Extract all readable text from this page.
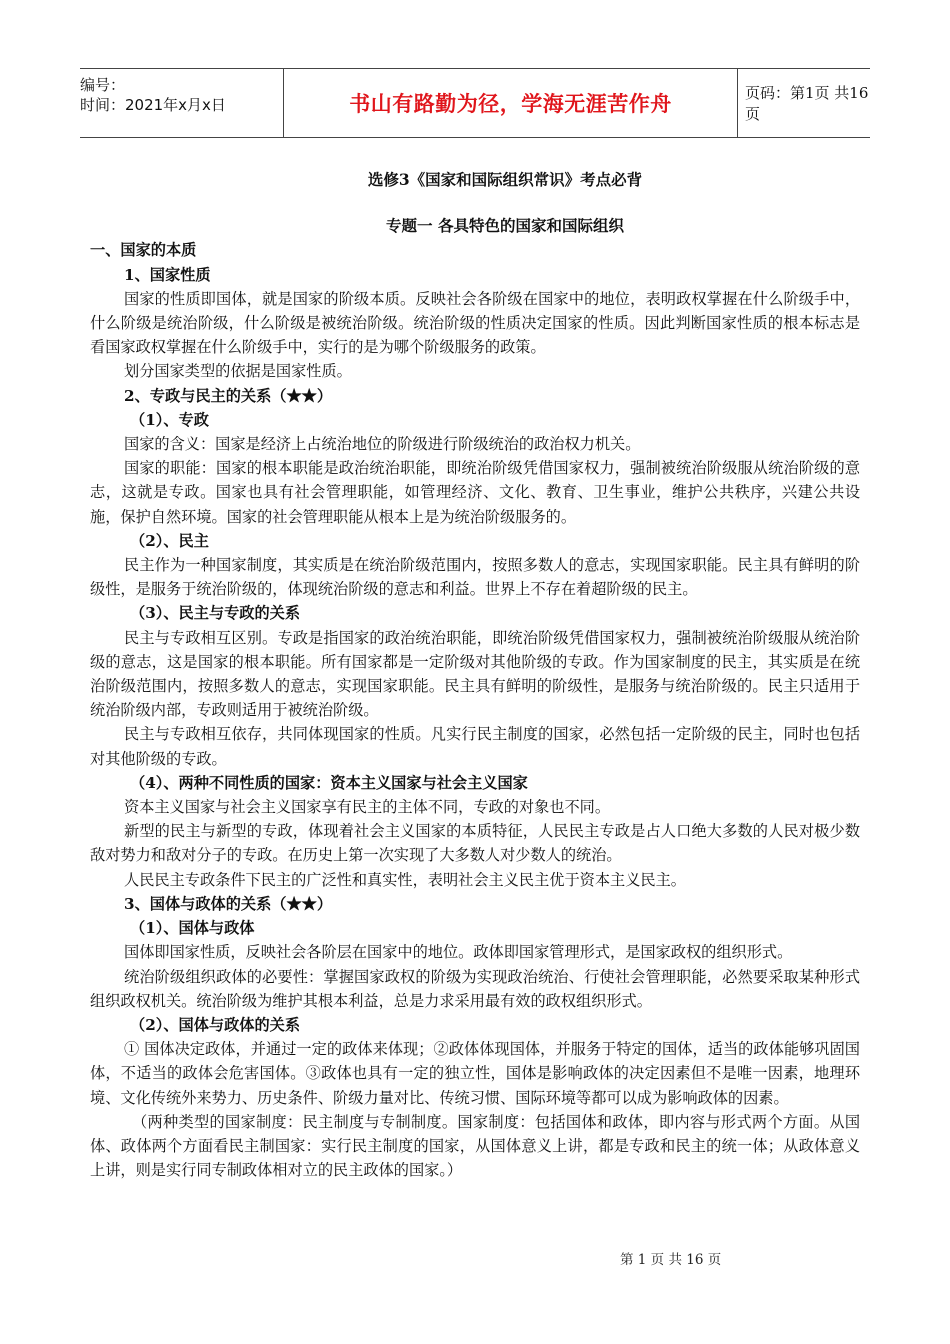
编号：
时间：2021年x月x日	书山有路勤为径，学海无涯苦作舟	页码：第1页 共16页
选修3《国家和国际组织常识》考点必背
专题一 各具特色的国家和国际组织
一、国家的本质
1、国家性质
国家的性质即国体，就是国家的阶级本质。反映社会各阶级在国家中的地位，表明政权掌握在什么阶级手中，什么阶级是统治阶级，什么阶级是被统治阶级。统治阶级的性质决定国家的性质。因此判断国家性质的根本标志是看国家政权掌握在什么阶级手中，实行的是为哪个阶级服务的政策。
划分国家类型的依据是国家性质。
2、专政与民主的关系（★★）
（1）、专政
国家的含义：国家是经济上占统治地位的阶级进行阶级统治的政治权力机关。
国家的职能：国家的根本职能是政治统治职能，即统治阶级凭借国家权力，强制被统治阶级服从统治阶级的意志，这就是专政。国家也具有社会管理职能，如管理经济、文化、教育、卫生事业，维护公共秩序，兴建公共设施，保护自然环境。国家的社会管理职能从根本上是为统治阶级服务的。
（2）、民主
民主作为一种国家制度，其实质是在统治阶级范围内，按照多数人的意志，实现国家职能。民主具有鲜明的阶级性，是服务于统治阶级的，体现统治阶级的意志和利益。世界上不存在着超阶级的民主。
（3）、民主与专政的关系
民主与专政相互区别。专政是指国家的政治统治职能，即统治阶级凭借国家权力，强制被统治阶级服从统治阶级的意志，这是国家的根本职能。所有国家都是一定阶级对其他阶级的专政。作为国家制度的民主，其实质是在统治阶级范围内，按照多数人的意志，实现国家职能。民主具有鲜明的阶级性，是服务与统治阶级的。民主只适用于统治阶级内部，专政则适用于被统治阶级。
民主与专政相互依存，共同体现国家的性质。凡实行民主制度的国家，必然包括一定阶级的民主，同时也包括对其他阶级的专政。
（4）、两种不同性质的国家：资本主义国家与社会主义国家
资本主义国家与社会主义国家享有民主的主体不同，专政的对象也不同。
新型的民主与新型的专政，体现着社会主义国家的本质特征，人民民主专政是占人口绝大多数的人民对极少数敌对势力和敌对分子的专政。在历史上第一次实现了大多数人对少数人的统治。
人民民主专政条件下民主的广泛性和真实性，表明社会主义民主优于资本主义民主。
3、国体与政体的关系（★★）
（1）、国体与政体
国体即国家性质，反映社会各阶层在国家中的地位。政体即国家管理形式，是国家政权的组织形式。
统治阶级组织政体的必要性：掌握国家政权的阶级为实现政治统治、行使社会管理职能，必然要采取某种形式组织政权机关。统治阶级为维护其根本利益，总是力求采用最有效的政权组织形式。
（2）、国体与政体的关系
① 国体决定政体，并通过一定的政体来体现；②政体体现国体，并服务于特定的国体，适当的政体能够巩固国体，不适当的政体会危害国体。③政体也具有一定的独立性，国体是影响政体的决定因素但不是唯一因素，地理环境、文化传统外来势力、历史条件、阶级力量对比、传统习惯、国际环境等都可以成为影响政体的因素。
（两种类型的国家制度：民主制度与专制制度。国家制度：包括国体和政体，即内容与形式两个方面。从国体、政体两个方面看民主制国家：实行民主制度的国家，从国体意义上讲，都是专政和民主的统一体；从政体意义上讲，则是实行同专制政体相对立的民主政体的国家。）
第 1 页 共 16 页
